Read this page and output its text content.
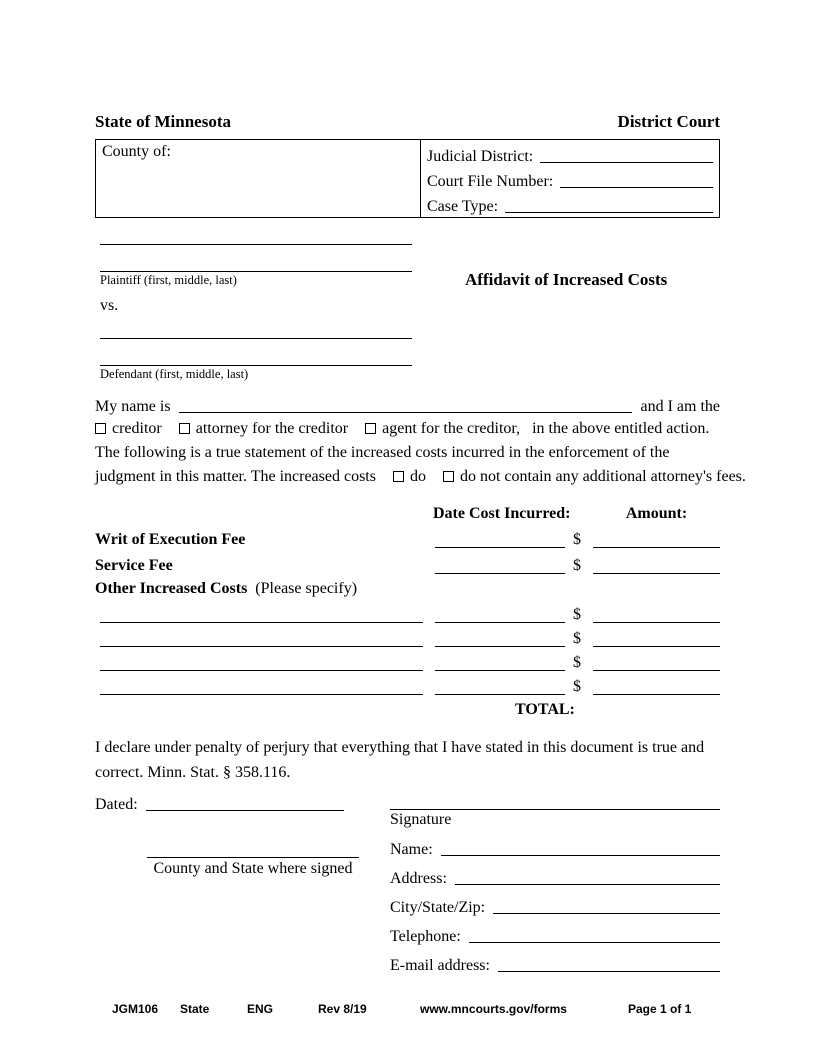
State of Minnesota	District Court
County of:	Judicial District:
Court File Number:
Case Type:
Plaintiff (first, middle, last)	Affidavit of Increased Costs
vs.
Defendant (first, middle, last)
My name is	and I am the
creditor attorney for the creditor agent for the creditor, in the above entitled action.
The following is a true statement of the increased costs incurred in the enforcement of the
judgment in this matter. The increased costs do do not contain any additional attorney's fees.
Date Cost Incurred:	Amount:
Writ of Execution Fee	$
Service Fee	$
Other Increased Costs (Please specify)
$
$
$
$
TOTAL:
I declare under penalty of perjury that everything that I have stated in this document is true and
correct. Minn. Stat. § 358.116.
Dated:
County and State where signed
Signature
Name:
Address:
City/State/Zip:
Telephone:
E-mail address:
JGM106 State	ENG	Rev 8/19	www.mncourts.gov/forms	Page 1 of 1
